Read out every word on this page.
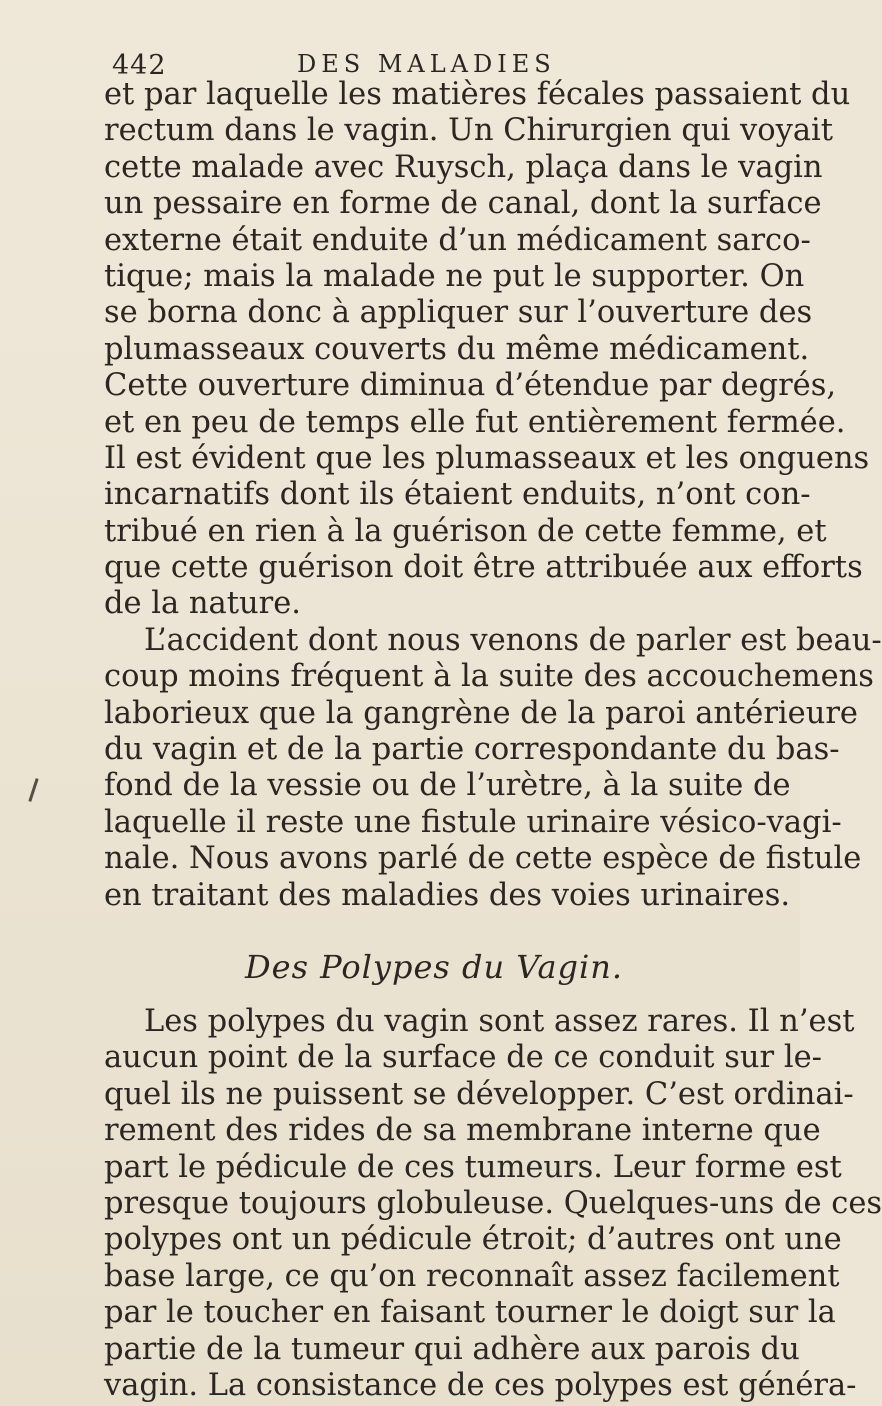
442	DES MALADIES
et par laquelle les matières fécales passaient du
rectum dans le vagin. Un Chirurgien qui voyait
cette malade avec Ruysch, plaça dans le vagin
un pessaire en forme de canal, dont la surface
externe était enduite d’un médicament sarco-
tique; mais la malade ne put le supporter. On
se borna donc à appliquer sur l’ouverture des
plumasseaux couverts du même médicament.
Cette ouverture diminua d’étendue par degrés,
et en peu de temps elle fut entièrement fermée.
Il est évident que les plumasseaux et les onguens
incarnatifs dont ils étaient enduits, n’ont con-
tribué en rien à la guérison de cette femme, et
que cette guérison doit être attribuée aux efforts
de la nature.
L’accident dont nous venons de parler est beau-
coup moins fréquent à la suite des accouchemens
laborieux que la gangrène de la paroi antérieure
du vagin et de la partie correspondante du bas-
fond de la vessie ou de l’urètre, à la suite de
laquelle il reste une fistule urinaire vésico-vagi-
nale. Nous avons parlé de cette espèce de fistule
en traitant des maladies des voies urinaires.
Des Polypes du Vagin.
Les polypes du vagin sont assez rares. Il n’est
aucun point de la surface de ce conduit sur le-
quel ils ne puissent se développer. C’est ordinai-
rement des rides de sa membrane interne que
part le pédicule de ces tumeurs. Leur forme est
presque toujours globuleuse. Quelques-uns de ces
polypes ont un pédicule étroit; d’autres ont une
base large, ce qu’on reconnaît assez facilement
par le toucher en faisant tourner le doigt sur la
partie de la tumeur qui adhère aux parois du
vagin. La consistance de ces polypes est généra-
